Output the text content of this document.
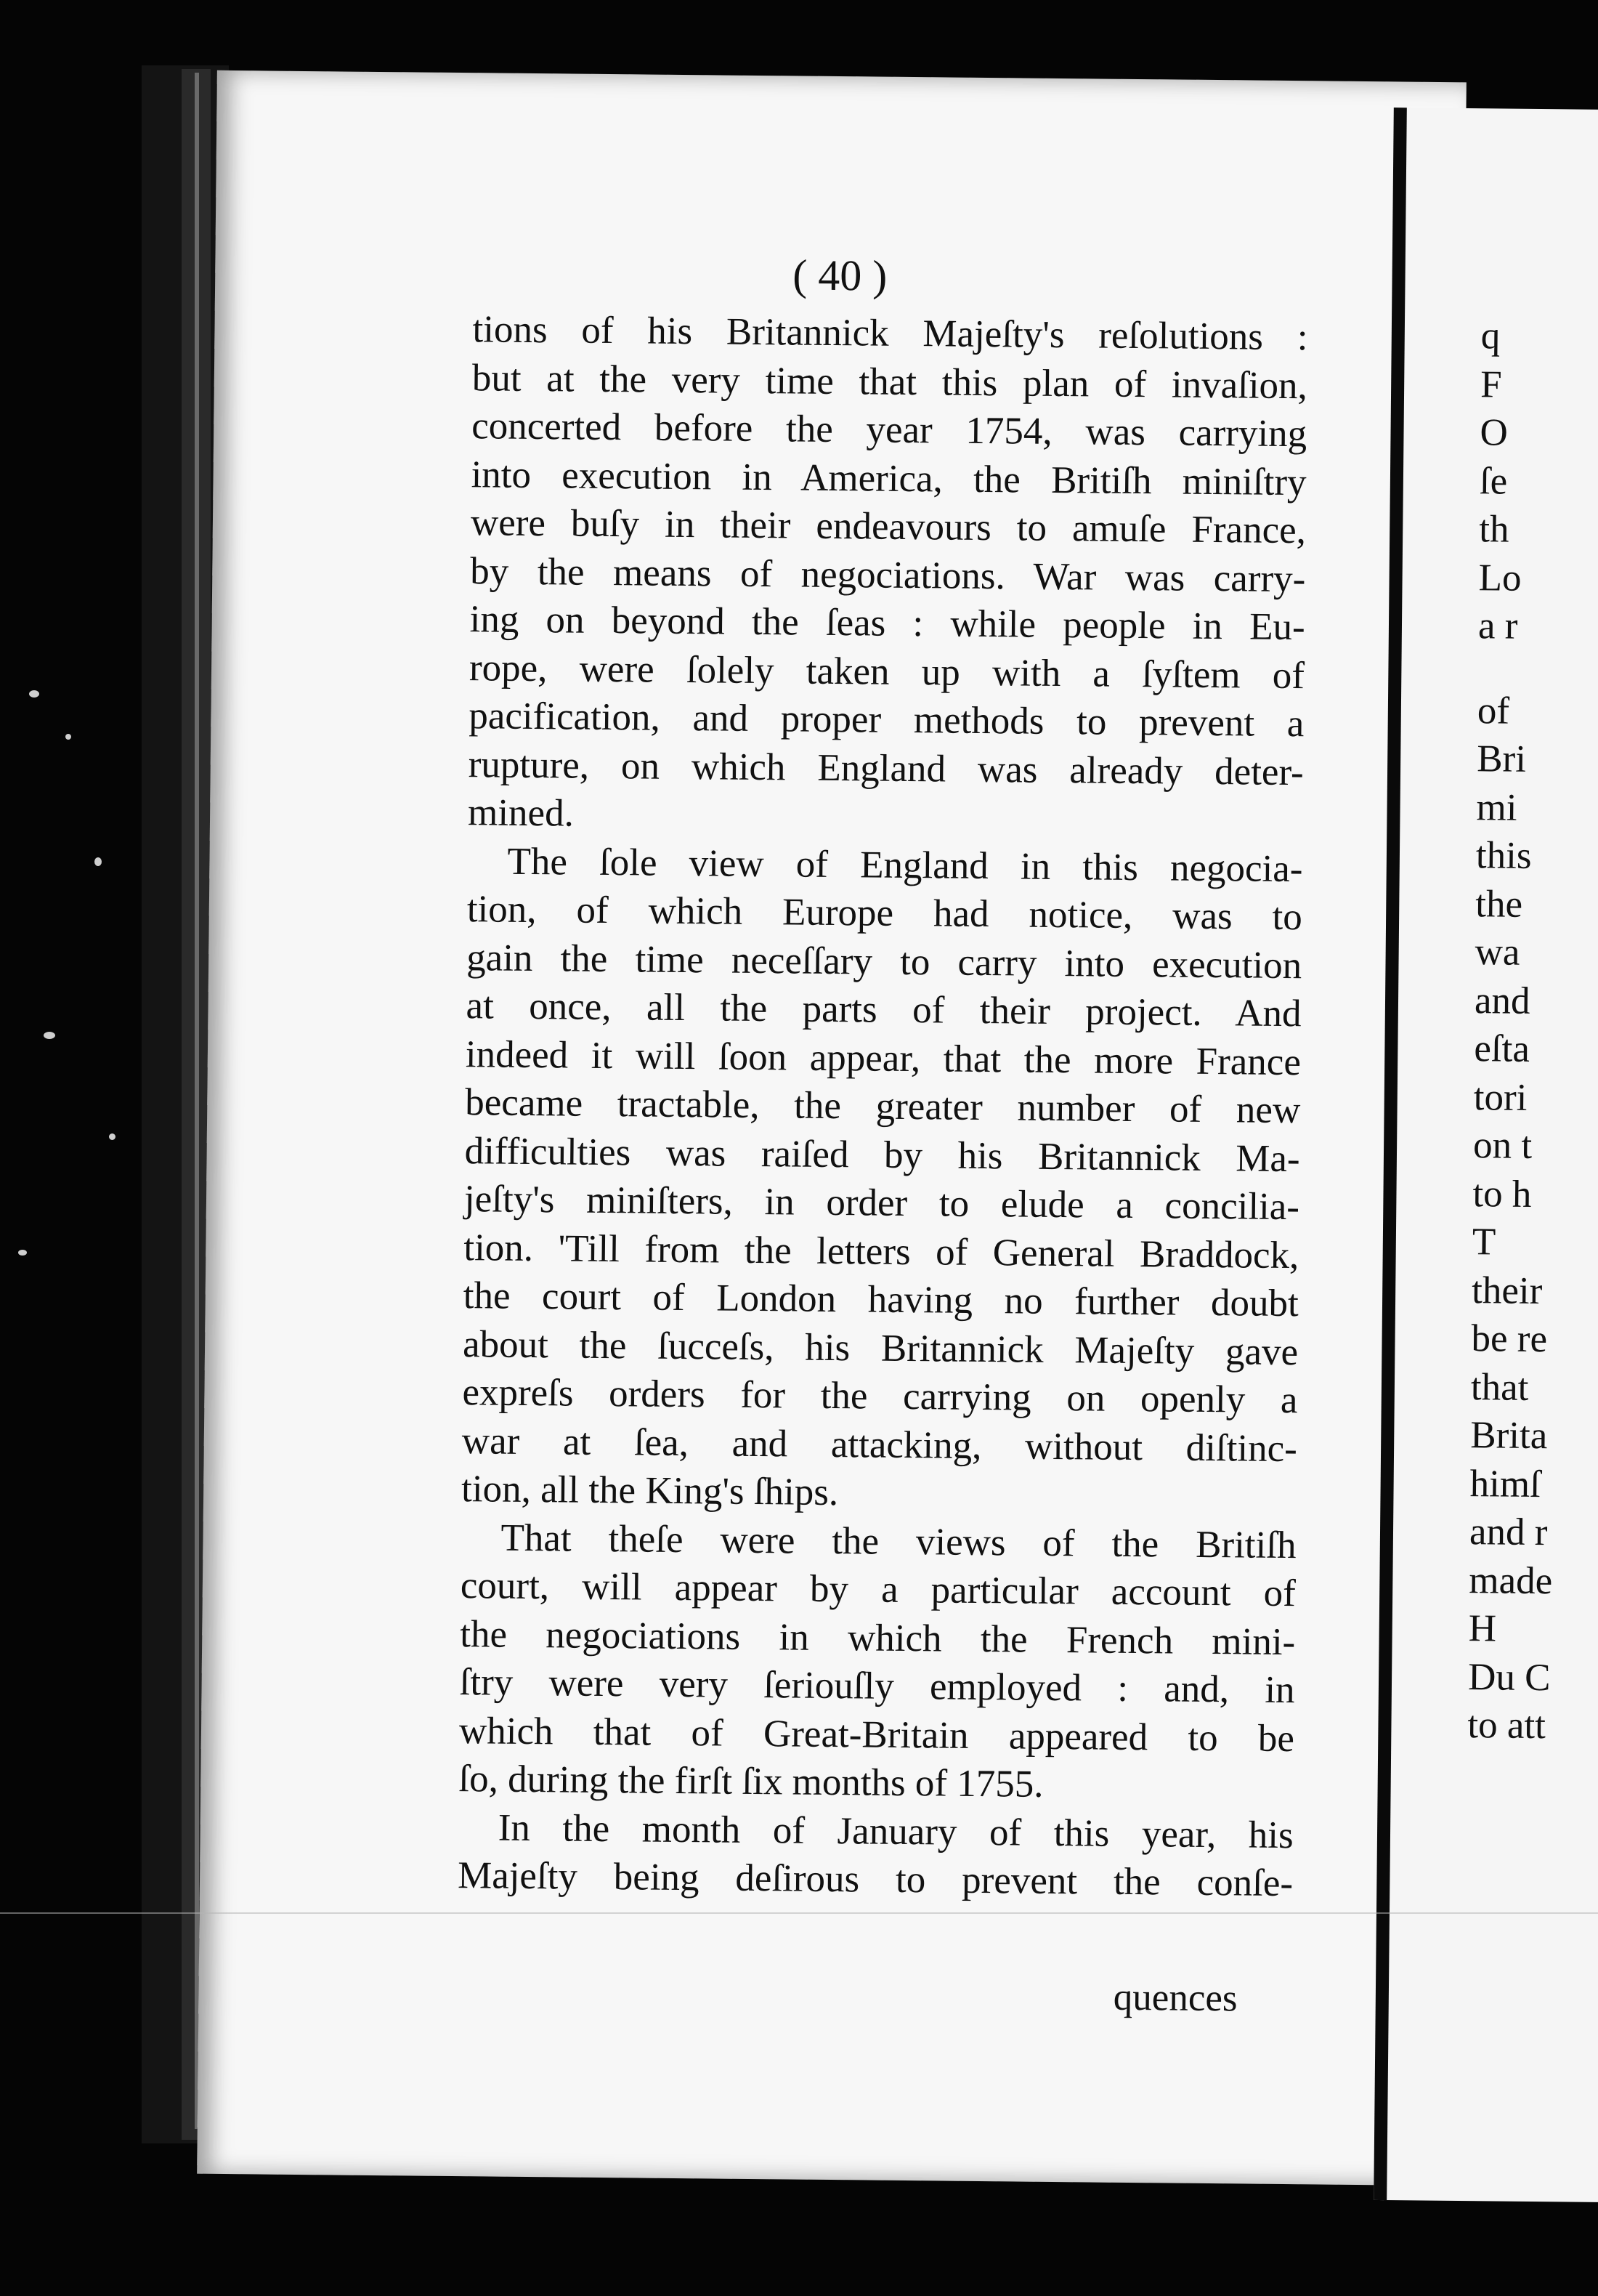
( 40 )
tions of his Britannick Majeſty's reſolutions :
but at the very time that this plan of invaſion,
concerted before the year 1754, was carrying
into execution in America, the Britiſh miniſtry
were buſy in their endeavours to amuſe France,
by the means of negociations. War was carry-
ing on beyond the ſeas : while people in Eu-
rope, were ſolely taken up with a ſyſtem of
pacification, and proper methods to prevent a
rupture, on which England was already deter-
mined.
The ſole view of England in this negocia-
tion, of which Europe had notice, was to
gain the time neceſſary to carry into execution
at once, all the parts of their project. And
indeed it will ſoon appear, that the more France
became tractable, the greater number of new
difficulties was raiſed by his Britannick Ma-
jeſty's miniſters, in order to elude a concilia-
tion. 'Till from the letters of General Braddock,
the court of London having no further doubt
about the ſucceſs, his Britannick Majeſty gave
expreſs orders for the carrying on openly a
war at ſea, and attacking, without diſtinc-
tion, all the King's ſhips.
That theſe were the views of the Britiſh
court, will appear by a particular account of
the negociations in which the French mini-
ſtry were very ſeriouſly employed : and, in
which that of Great-Britain appeared to be
ſo, during the firſt ſix months of 1755.
In the month of January of this year, his
Majeſty being deſirous to prevent the conſe-
quences
q
F
O
ſe
th
Lo
a r
of
Bri
mi
this
the
wa
and
eſta
tori
on t
to h
T
their
be re
that
Brita
himſ
and r
made
H
Du C
to att
